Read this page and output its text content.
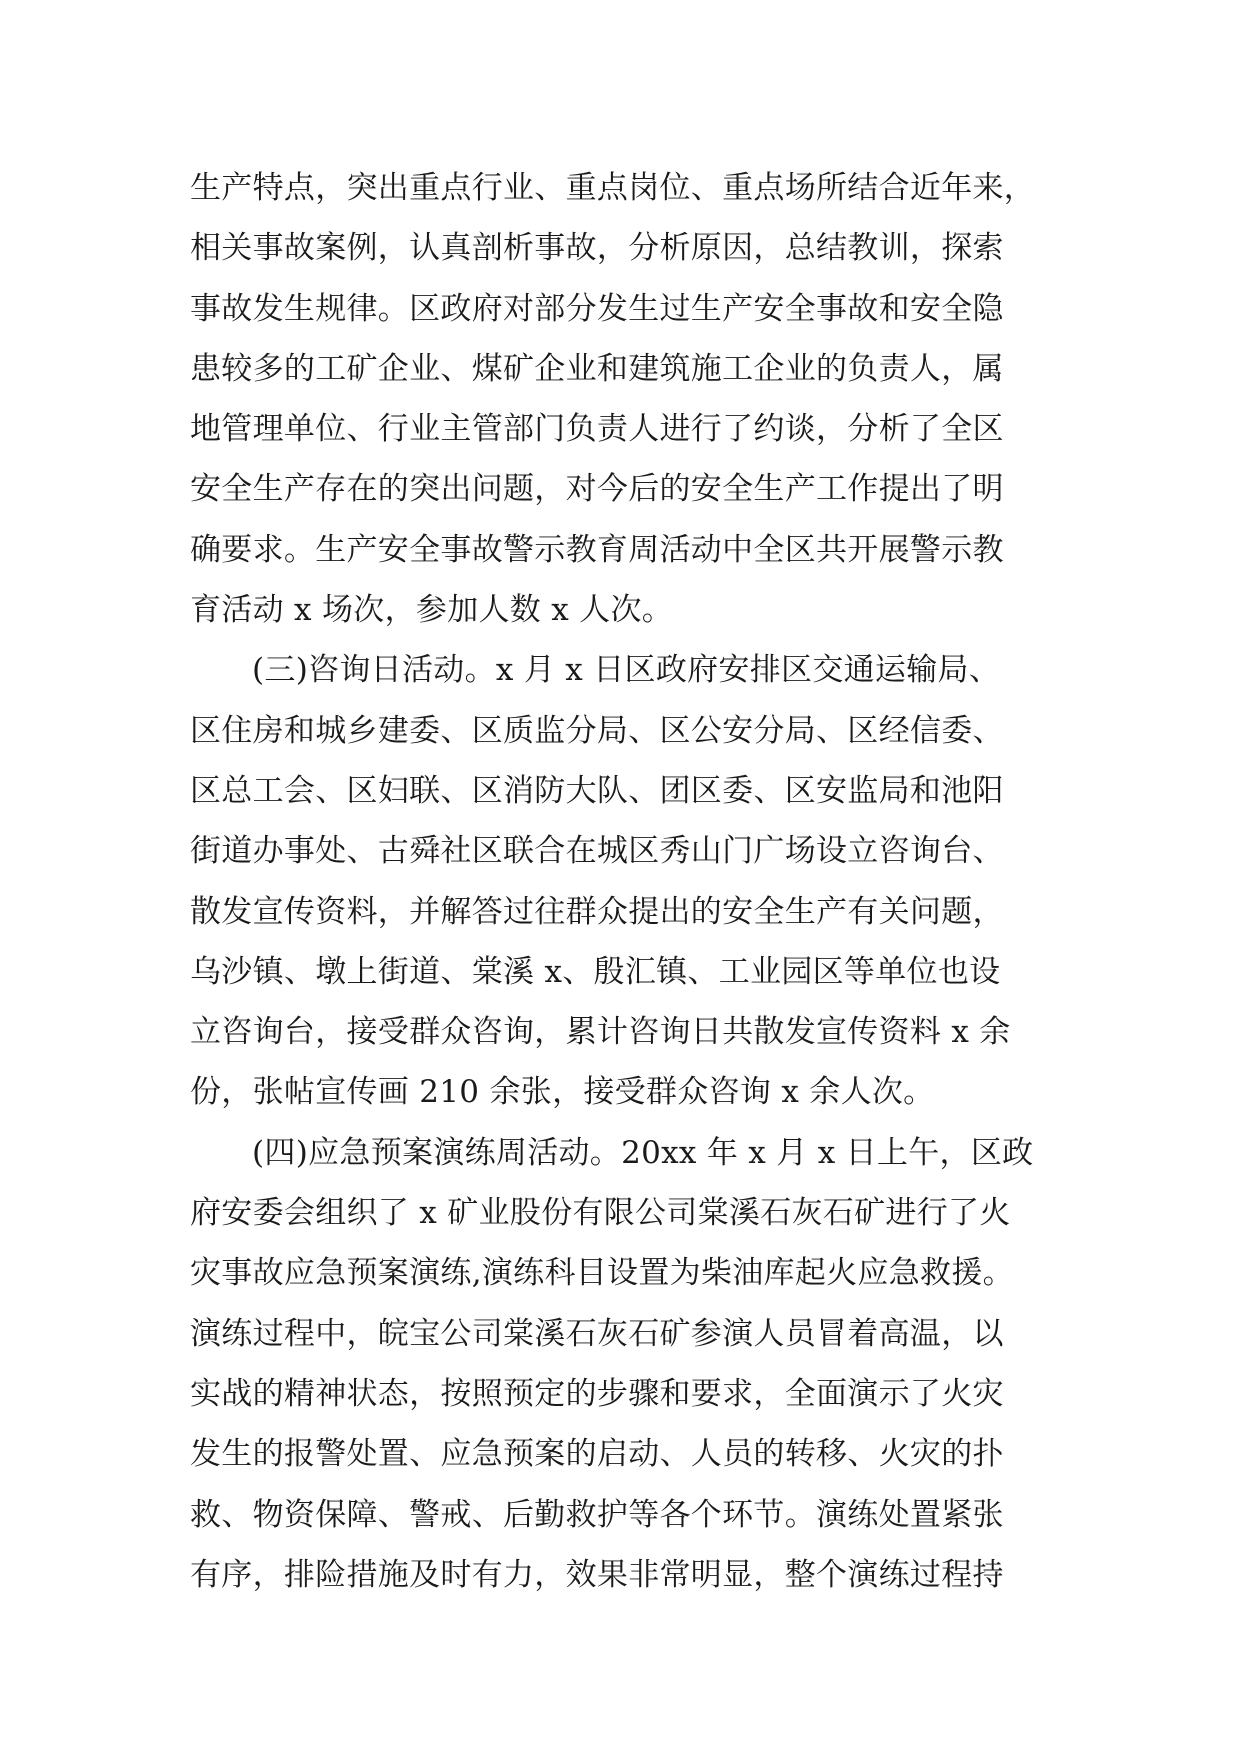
生产特点，突出重点行业、重点岗位、重点场所结合近年来，
相关事故案例，认真剖析事故，分析原因，总结教训，探索
事故发生规律。区政府对部分发生过生产安全事故和安全隐
患较多的工矿企业、煤矿企业和建筑施工企业的负责人，属
地管理单位、行业主管部门负责人进行了约谈，分析了全区
安全生产存在的突出问题，对今后的安全生产工作提出了明
确要求。生产安全事故警示教育周活动中全区共开展警示教
育活动 x 场次，参加人数 x 人次。
(三)咨询日活动。x 月 x 日区政府安排区交通运输局、
区住房和城乡建委、区质监分局、区公安分局、区经信委、
区总工会、区妇联、区消防大队、团区委、区安监局和池阳
街道办事处、古舜社区联合在城区秀山门广场设立咨询台、
散发宣传资料，并解答过往群众提出的安全生产有关问题，
乌沙镇、墩上街道、棠溪 x、殷汇镇、工业园区等单位也设
立咨询台，接受群众咨询，累计咨询日共散发宣传资料 x 余
份，张帖宣传画 210 余张，接受群众咨询 x 余人次。
(四)应急预案演练周活动。20xx 年 x 月 x 日上午，区政
府安委会组织了 x 矿业股份有限公司棠溪石灰石矿进行了火
灾事故应急预案演练,演练科目设置为柴油库起火应急救援。
演练过程中，皖宝公司棠溪石灰石矿参演人员冒着高温，以
实战的精神状态，按照预定的步骤和要求，全面演示了火灾
发生的报警处置、应急预案的启动、人员的转移、火灾的扑
救、物资保障、警戒、后勤救护等各个环节。演练处置紧张
有序，排险措施及时有力，效果非常明显，整个演练过程持
